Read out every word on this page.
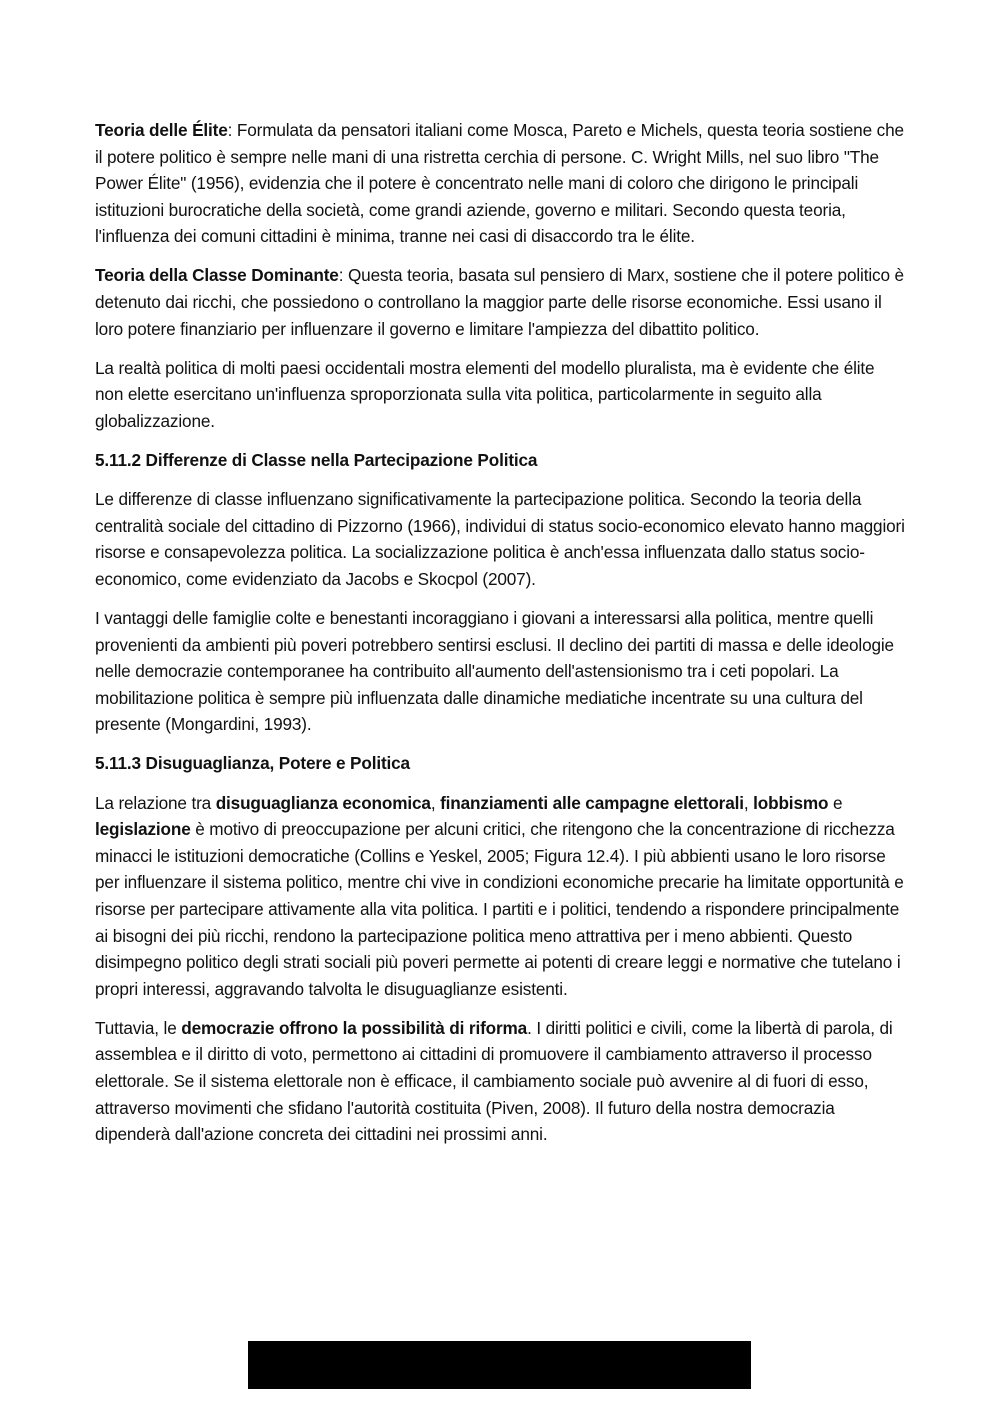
Teoria delle Élite: Formulata da pensatori italiani come Mosca, Pareto e Michels, questa teoria sostiene che il potere politico è sempre nelle mani di una ristretta cerchia di persone. C. Wright Mills, nel suo libro "The Power Élite" (1956), evidenzia che il potere è concentrato nelle mani di coloro che dirigono le principali istituzioni burocratiche della società, come grandi aziende, governo e militari. Secondo questa teoria, l'influenza dei comuni cittadini è minima, tranne nei casi di disaccordo tra le élite.

Teoria della Classe Dominante: Questa teoria, basata sul pensiero di Marx, sostiene che il potere politico è detenuto dai ricchi, che possiedono o controllano la maggior parte delle risorse economiche. Essi usano il loro potere finanziario per influenzare il governo e limitare l'ampiezza del dibattito politico.

La realtà politica di molti paesi occidentali mostra elementi del modello pluralista, ma è evidente che élite non elette esercitano un'influenza sproporzionata sulla vita politica, particolarmente in seguito alla globalizzazione.

5.11.2 Differenze di Classe nella Partecipazione Politica

Le differenze di classe influenzano significativamente la partecipazione politica. Secondo la teoria della centralità sociale del cittadino di Pizzorno (1966), individui di status socio-economico elevato hanno maggiori risorse e consapevolezza politica. La socializzazione politica è anch'essa influenzata dallo status socio-economico, come evidenziato da Jacobs e Skocpol (2007).

I vantaggi delle famiglie colte e benestanti incoraggiano i giovani a interessarsi alla politica, mentre quelli provenienti da ambienti più poveri potrebbero sentirsi esclusi. Il declino dei partiti di massa e delle ideologie nelle democrazie contemporanee ha contribuito all'aumento dell'astensionismo tra i ceti popolari. La mobilitazione politica è sempre più influenzata dalle dinamiche mediatiche incentrate su una cultura del presente (Mongardini, 1993).

5.11.3 Disuguaglianza, Potere e Politica

La relazione tra disuguaglianza economica, finanziamenti alle campagne elettorali, lobbismo e legislazione è motivo di preoccupazione per alcuni critici, che ritengono che la concentrazione di ricchezza minacci le istituzioni democratiche (Collins e Yeskel, 2005; Figura 12.4). I più abbienti usano le loro risorse per influenzare il sistema politico, mentre chi vive in condizioni economiche precarie ha limitate opportunità e risorse per partecipare attivamente alla vita politica. I partiti e i politici, tendendo a rispondere principalmente ai bisogni dei più ricchi, rendono la partecipazione politica meno attrattiva per i meno abbienti. Questo disimpegno politico degli strati sociali più poveri permette ai potenti di creare leggi e normative che tutelano i propri interessi, aggravando talvolta le disuguaglianze esistenti.

Tuttavia, le democrazie offrono la possibilità di riforma. I diritti politici e civili, come la libertà di parola, di assemblea e il diritto di voto, permettono ai cittadini di promuovere il cambiamento attraverso il processo elettorale. Se il sistema elettorale non è efficace, il cambiamento sociale può avvenire al di fuori di esso, attraverso movimenti che sfidano l'autorità costituita (Piven, 2008). Il futuro della nostra democrazia dipenderà dall'azione concreta dei cittadini nei prossimi anni.
